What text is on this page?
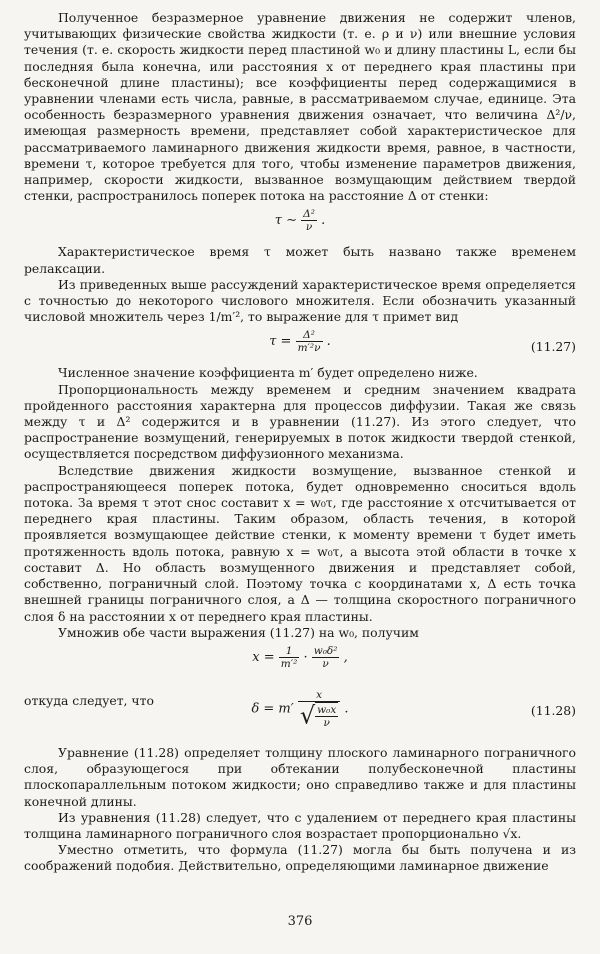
Полученное безразмерное уравнение движения не содержит членов, учитывающих физические свойства жидкости (т. е. ρ и ν) или внешние условия течения (т. е. скорость жидкости перед пластиной w₀ и длину пластины L, если бы последняя была конечна, или расстояния x от переднего края пластины при бесконечной длине пластины); все коэффициенты перед содержащимися в уравнении членами есть числа, равные, в рассматриваемом случае, единице. Эта особенность безразмерного уравнения движения означает, что величина Δ²/ν, имеющая размерность времени, представляет собой характеристическое для рассматриваемого ламинарного движения жидкости время, равное, в частности, времени τ, которое требуется для того, чтобы изменение параметров движения, например, скорости жидкости, вызванное возмущающим действием твердой стенки, распространилось поперек потока на расстояние Δ от стенки:

τ ∼ $\frac{\text{Δ²}}{\nu}$ .

Характеристическое время τ может быть названо также временем релаксации.

Из приведенных выше рассуждений характеристическое время определяется с точностью до некоторого числового множителя. Если обозначить указанный числовой множитель через 1/m′², то выражение для τ примет вид

$\tau = \frac{\text{Δ²}}{\text{m′²ν}}$ .	(11.27)

Численное значение коэффициента m′ будет определено ниже.

Пропорциональность между временем и средним значением квадрата пройденного расстояния характерна для процессов диффузии. Такая же связь между τ и Δ² содержится и в уравнении (11.27). Из этого следует, что распространение возмущений, генерируемых в поток жидкости твердой стенкой, осуществляется посредством диффузионного механизма.

Вследствие движения жидкости возмущение, вызванное стенкой и распространяющееся поперек потока, будет одновременно сноситься вдоль потока. За время τ этот снос составит x = w₀τ, где расстояние x отсчитывается от переднего края пластины. Таким образом, область течения, в которой проявляется возмущающее действие стенки, к моменту времени τ будет иметь протяженность вдоль потока, равную x = w₀τ, а высота этой области в точке x составит Δ. Но область возмущенного движения и представляет собой, собственно, пограничный слой. Поэтому точка с координатами x, Δ есть точка внешней границы пограничного слоя, а Δ — толщина скоростного пограничного слоя δ на расстоянии x от переднего края пластины.

Умножив обе части выражения (11.27) на w₀, получим

$x = \frac{1}{\text{m′²}} \cdot \frac{\text{w₀δ²}}{\nu}$ ,
откуда следует, что
$\delta = m' \frac{x}{√ \frac{\text{w₀x}}{\nu}}$ .	(11.28)

Уравнение (11.28) определяет толщину плоского ламинарного пограничного слоя, образующегося при обтекании полубесконечной пластины плоскопараллельным потоком жидкости; оно справедливо также и для пластины конечной длины.

Из уравнения (11.28) следует, что с удалением от переднего края пластины толщина ламинарного пограничного слоя возрастает пропорционально √x.

Уместно отметить, что формула (11.27) могла бы быть получена и из соображений подобия. Действительно, определяющими ламинарное движение

376
